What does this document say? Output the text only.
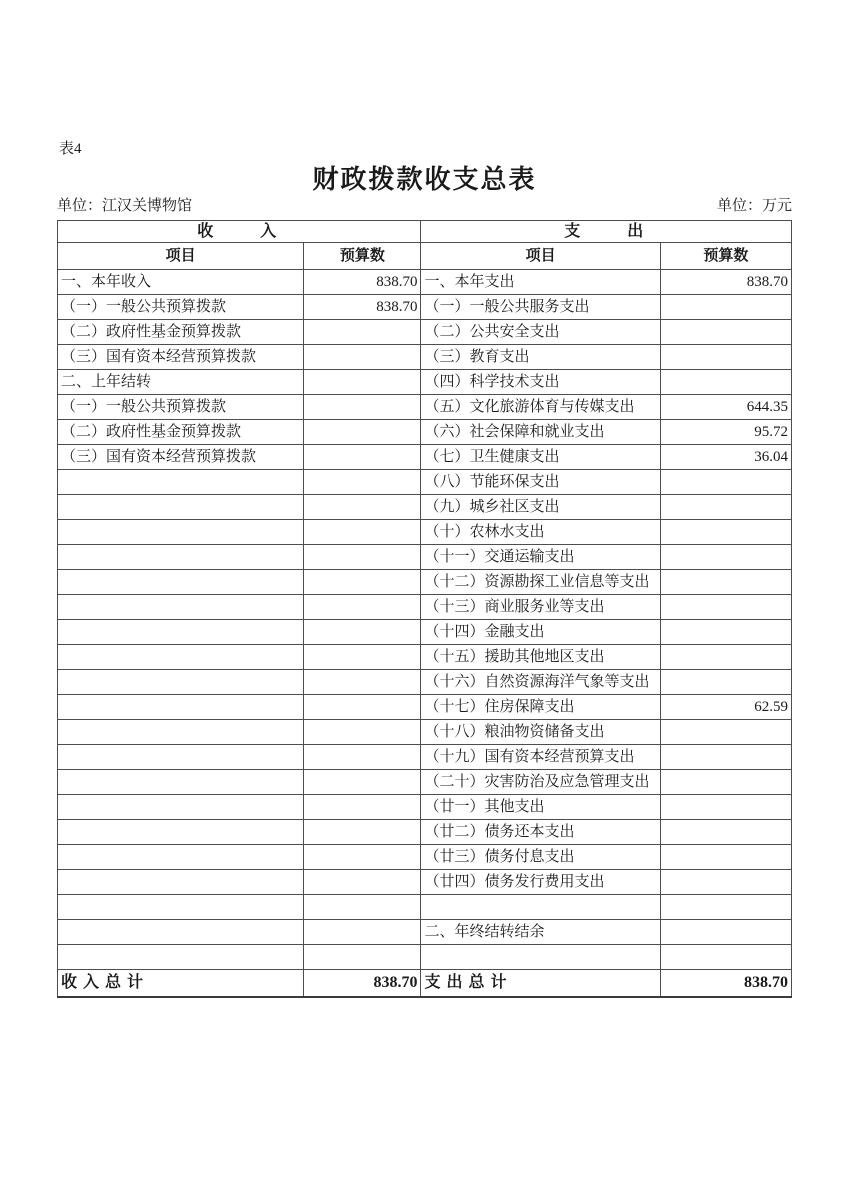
表4
财政拨款收支总表
单位：江汉关博物馆	单位：万元
收　　入		支　　出	
项目	预算数	项目	预算数
一、本年收入	838.70	一、本年支出	838.70
（一）一般公共预算拨款	838.70	（一）一般公共服务支出	
（二）政府性基金预算拨款		（二）公共安全支出	
（三）国有资本经营预算拨款		（三）教育支出	
二、上年结转		（四）科学技术支出	
（一）一般公共预算拨款		（五）文化旅游体育与传媒支出	644.35
（二）政府性基金预算拨款		（六）社会保障和就业支出	95.72
（三）国有资本经营预算拨款		（七）卫生健康支出	36.04
		（八）节能环保支出	
		（九）城乡社区支出	
		（十）农林水支出	
		（十一）交通运输支出	
		（十二）资源勘探工业信息等支出	
		（十三）商业服务业等支出	
		（十四）金融支出	
		（十五）援助其他地区支出	
		（十六）自然资源海洋气象等支出	
		（十七）住房保障支出	62.59
		（十八）粮油物资储备支出	
		（十九）国有资本经营预算支出	
		（二十）灾害防治及应急管理支出	
		（廿一）其他支出	
		（廿二）债务还本支出	
		（廿三）债务付息支出	
		（廿四）债务发行费用支出	

		二、年终结转结余	

收入总计	838.70	支出总计	838.70
